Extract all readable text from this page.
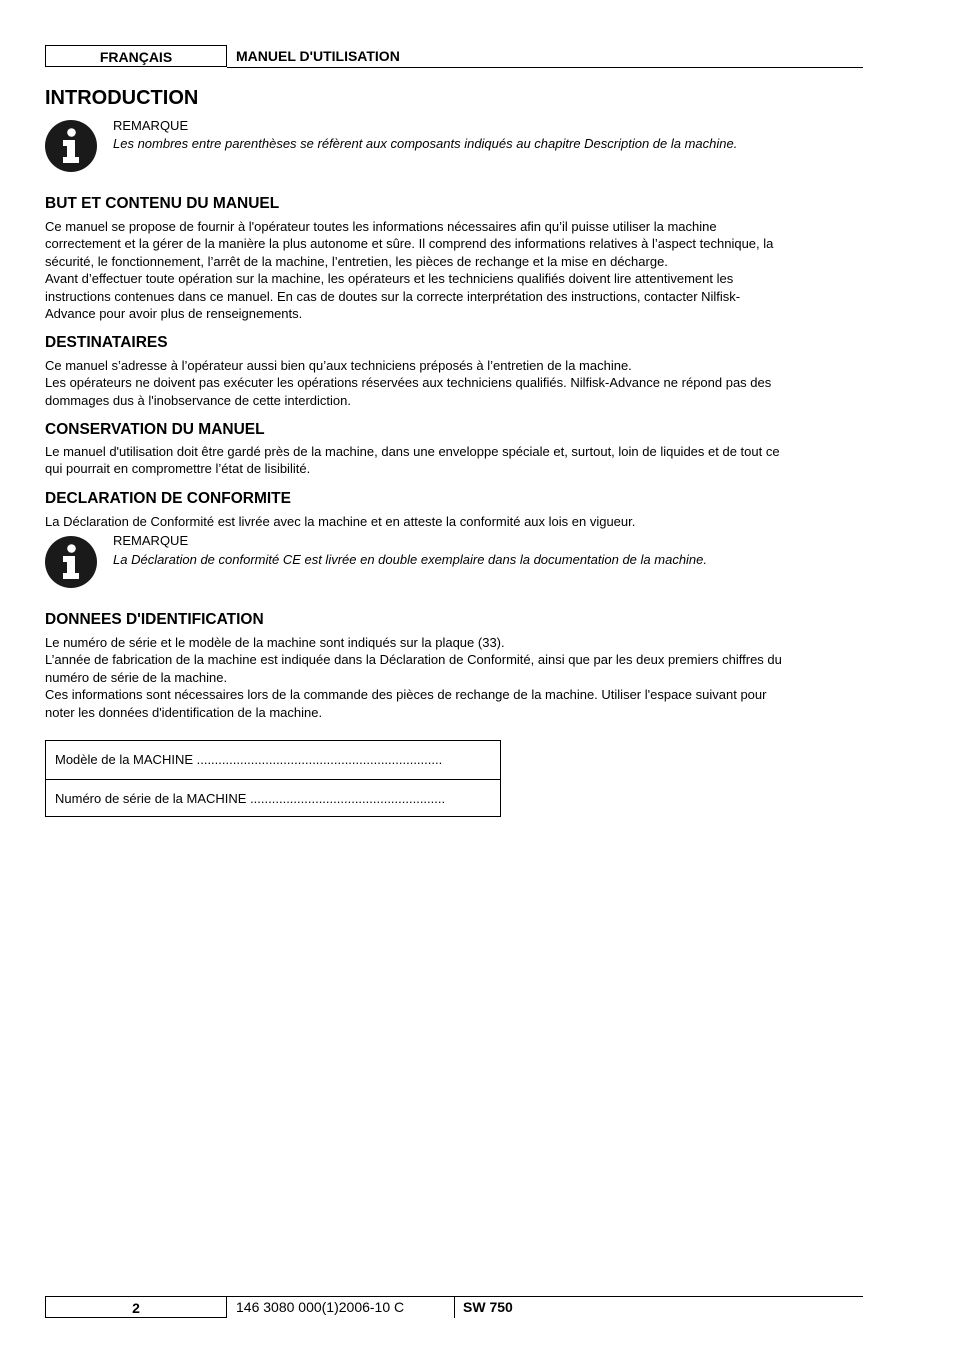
FRANÇAIS	MANUEL D'UTILISATION
INTRODUCTION
REMARQUE
Les nombres entre parenthèses se réfèrent aux composants indiqués au chapitre Description de la machine.
BUT ET CONTENU DU MANUEL

Ce manuel se propose de fournir à l'opérateur toutes les informations nécessaires afin qu’il puisse utiliser la machine

correctement et la gérer de la manière la plus autonome et sûre. Il comprend des informations relatives à l’aspect technique, la

sécurité, le fonctionnement, l’arrêt de la machine, l’entretien, les pièces de rechange et la mise en décharge.

Avant d’effectuer toute opération sur la machine, les opérateurs et les techniciens qualifiés doivent lire attentivement les

instructions contenues dans ce manuel. En cas de doutes sur la correcte interprétation des instructions, contacter Nilfisk-

Advance pour avoir plus de renseignements.

DESTINATAIRES

Ce manuel s’adresse à l’opérateur aussi bien qu’aux techniciens préposés à l’entretien de la machine.

Les opérateurs ne doivent pas exécuter les opérations réservées aux techniciens qualifiés. Nilfisk-Advance ne répond pas des

dommages dus à l'inobservance de cette interdiction.

CONSERVATION DU MANUEL

Le manuel d'utilisation doit être gardé près de la machine, dans une enveloppe spéciale et, surtout, loin de liquides et de tout ce

qui pourrait en compromettre l’état de lisibilité.

DECLARATION DE CONFORMITE

La Déclaration de Conformité est livrée avec la machine et en atteste la conformité aux lois en vigueur.

REMARQUE
La Déclaration de conformité CE est livrée en double exemplaire dans la documentation de la machine.
DONNEES D'IDENTIFICATION

Le numéro de série et le modèle de la machine sont indiqués sur la plaque (33).

L’année de fabrication de la machine est indiquée dans la Déclaration de Conformité, ainsi que par les deux premiers chiffres du

numéro de série de la machine.

Ces informations sont nécessaires lors de la commande des pièces de rechange de la machine. Utiliser l'espace suivant pour

noter les données d'identification de la machine.

Modèle de la MACHINE ....................................................................
Numéro de série de la MACHINE ......................................................
2	146 3080 000(1)2006-10 C	SW 750
